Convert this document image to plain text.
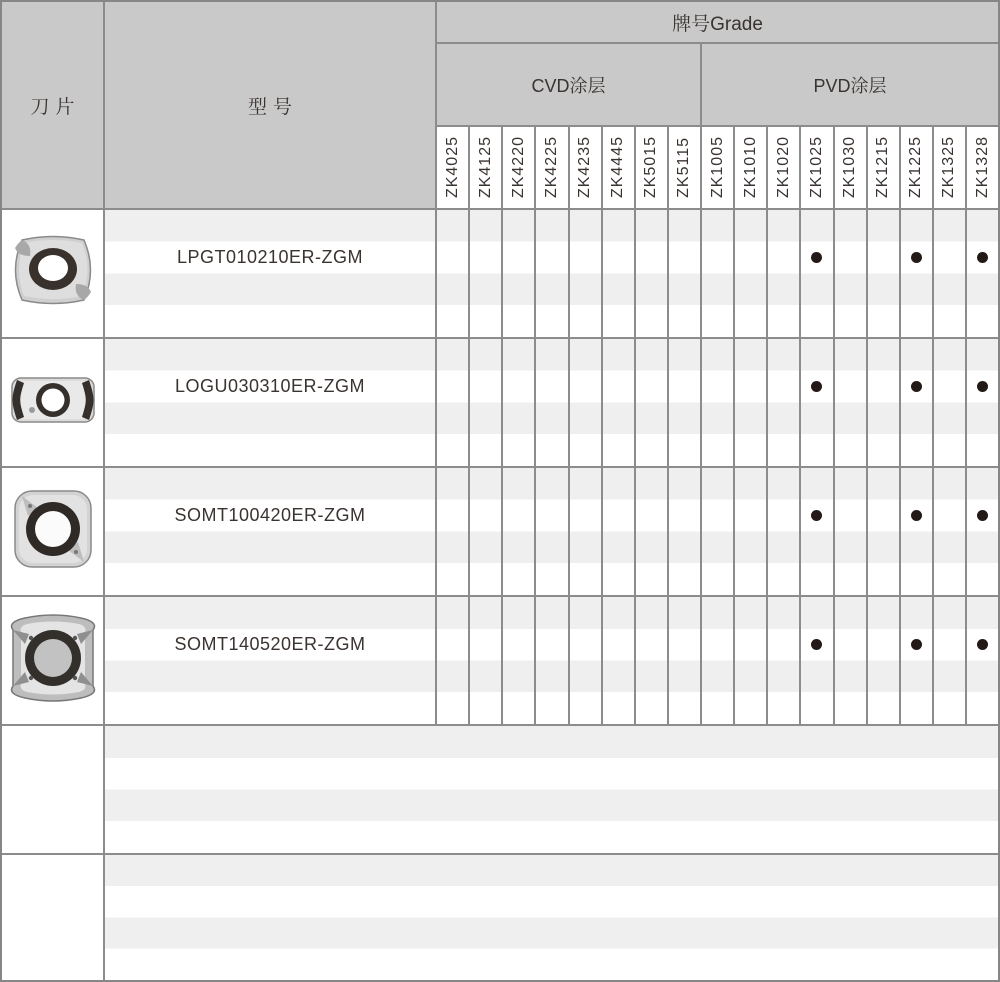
刀片	型号
牌号Grade
CVD涂层	PVD涂层
ZK4025 ZK4125 ZK4220 ZK4225 ZK4235 ZK4445 ZK5015 ZK5115 ZK1005 ZK1010 ZK1020 ZK1025 ZK1030 ZK1215 ZK1225 ZK1325 ZK1328
LPGT010210ER-ZGM
LOGU030310ER-ZGM
SOMT100420ER-ZGM
SOMT140520ER-ZGM
